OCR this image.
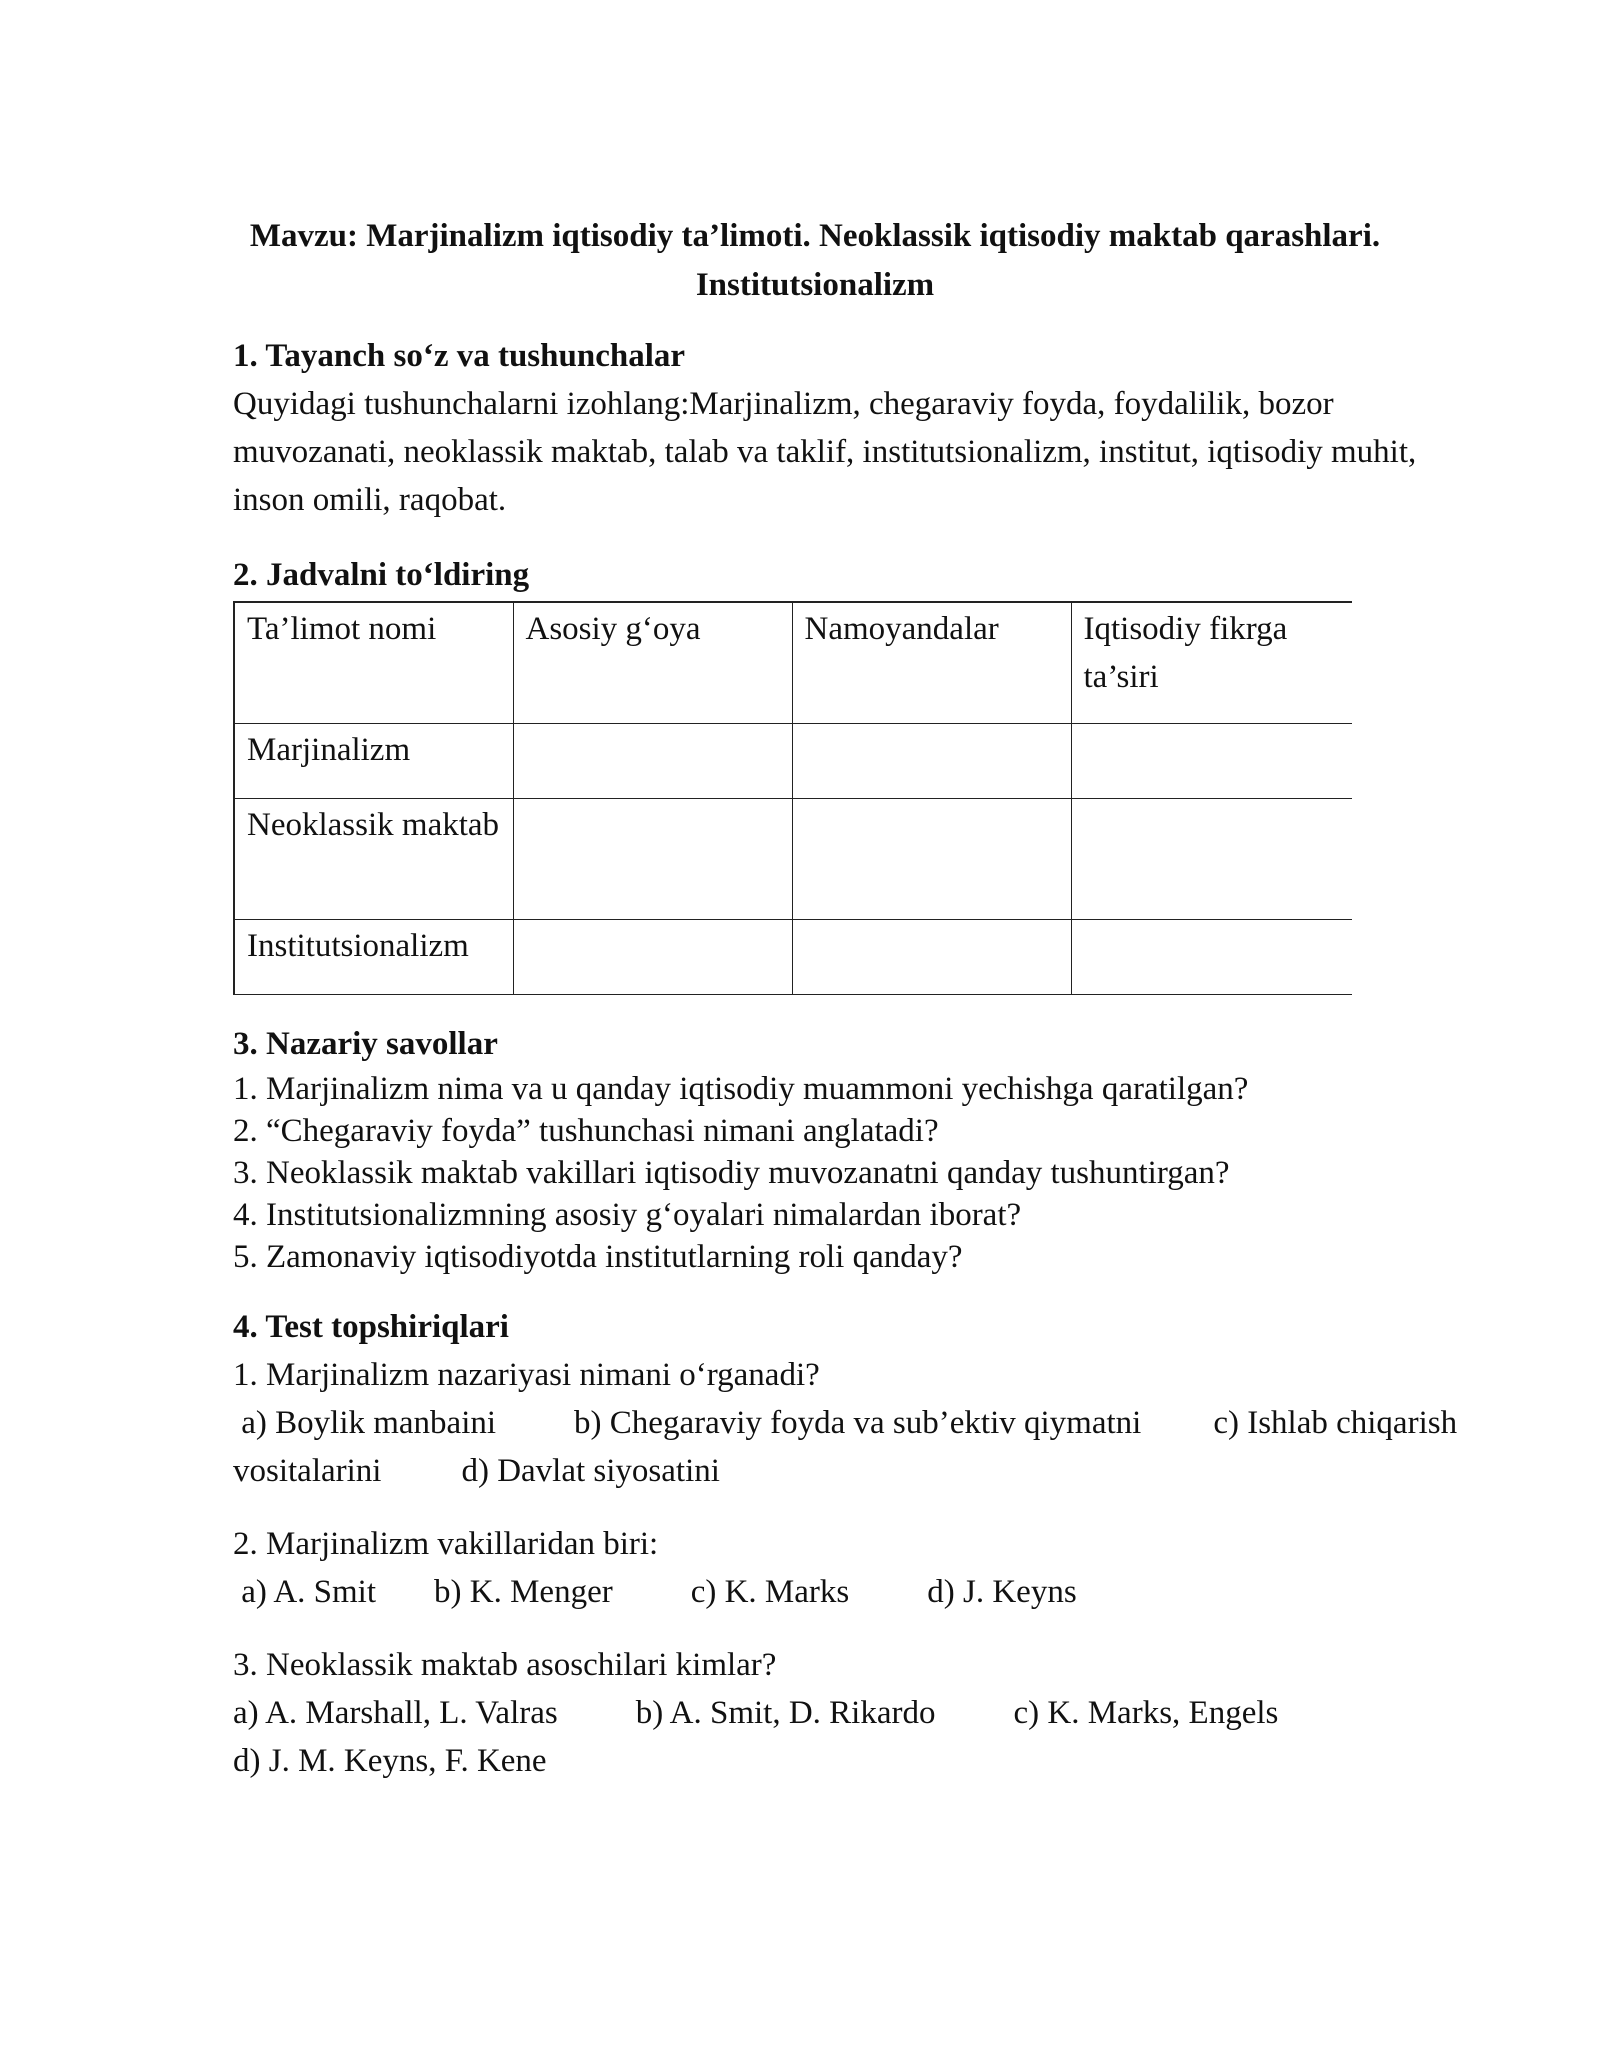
Mavzu: Marjinalizm iqtisodiy ta’limoti. Neoklassik iqtisodiy maktab qarashlari.
Institutsionalizm
1. Tayanch so‘z va tushunchalar
Quyidagi tushunchalarni izohlang:Marjinalizm, chegaraviy foyda, foydalilik, bozor muvozanati, neoklassik maktab, talab va taklif, institutsionalizm, institut, iqtisodiy muhit, inson omili, raqobat.
2. Jadvalni to‘ldiring
Ta’limot nomi	Asosiy g‘oya	Namoyandalar	Iqtisodiy fikrga ta’siri
Marjinalizm			
Neoklassik maktab			
Institutsionalizm			
3. Nazariy savollar
1. Marjinalizm nima va u qanday iqtisodiy muammoni yechishga qaratilgan?
2. “Chegaraviy foyda” tushunchasi nimani anglatadi?
3. Neoklassik maktab vakillari iqtisodiy muvozanatni qanday tushuntirgan?
4. Institutsionalizmning asosiy g‘oyalari nimalardan iborat?
5. Zamonaviy iqtisodiyotda institutlarning roli qanday?
4. Test topshiriqlari
1. Marjinalizm nazariyasi nimani o‘rganadi?
a) Boylik manbaini b) Chegaraviy foyda va sub’ektiv qiymatni c) Ishlab chiqarish vositalarini d) Davlat siyosatini
2. Marjinalizm vakillaridan biri:
a) A. Smit b) K. Menger c) K. Marks d) J. Keyns
3. Neoklassik maktab asoschilari kimlar?
a) A. Marshall, L. Valras b) A. Smit, D. Rikardo c) K. Marks, Engels
d) J. M. Keyns, F. Kene
